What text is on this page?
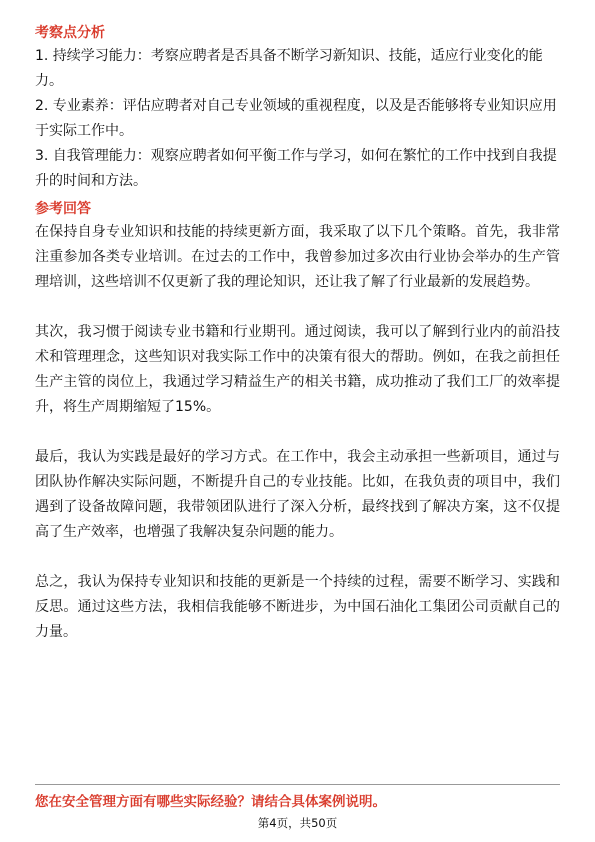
考察点分析

1. 持续学习能力：考察应聘者是否具备不断学习新知识、技能，适应行业变化的能力。

2. 专业素养：评估应聘者对自己专业领域的重视程度，以及是否能够将专业知识应用于实际工作中。

3. 自我管理能力：观察应聘者如何平衡工作与学习，如何在繁忙的工作中找到自我提升的时间和方法。

参考回答

在保持自身专业知识和技能的持续更新方面，我采取了以下几个策略。首先，我非常注重参加各类专业培训。在过去的工作中，我曾参加过多次由行业协会举办的生产管理培训，这些培训不仅更新了我的理论知识，还让我了解了行业最新的发展趋势。

其次，我习惯于阅读专业书籍和行业期刊。通过阅读，我可以了解到行业内的前沿技术和管理理念，这些知识对我实际工作中的决策有很大的帮助。例如，在我之前担任生产主管的岗位上，我通过学习精益生产的相关书籍，成功推动了我们工厂的效率提升，将生产周期缩短了15%。

最后，我认为实践是最好的学习方式。在工作中，我会主动承担一些新项目，通过与团队协作解决实际问题，不断提升自己的专业技能。比如，在我负责的项目中，我们遇到了设备故障问题，我带领团队进行了深入分析，最终找到了解决方案，这不仅提高了生产效率，也增强了我解决复杂问题的能力。

总之，我认为保持专业知识和技能的更新是一个持续的过程，需要不断学习、实践和反思。通过这些方法，我相信我能够不断进步，为中国石油化工集团公司贡献自己的力量。

您在安全管理方面有哪些实际经验？请结合具体案例说明。
第4页，共50页
